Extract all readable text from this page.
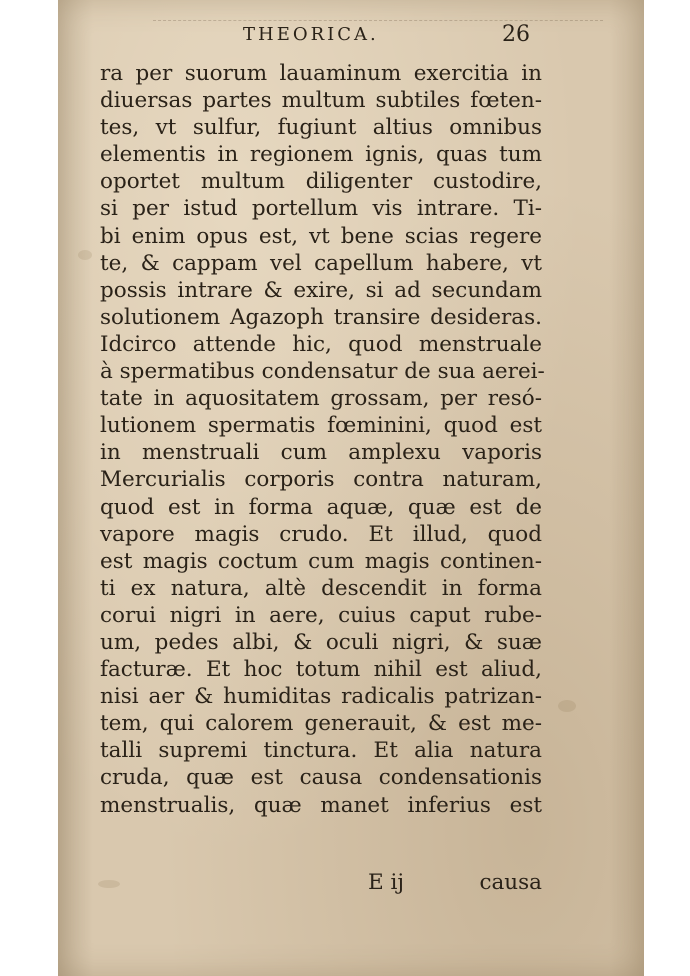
THEORICA.	26
ra per suorum lauaminum exercitia in
diuersas partes multum subtiles fœten-
tes, vt sulfur, fugiunt altius omnibus
elementis in regionem ignis, quas tum
oportet multum diligenter custodire,
si per istud portellum vis intrare. Ti-
bi enim opus est, vt bene scias regere
te, & cappam vel capellum habere, vt
possis intrare & exire, si ad secundam
solutionem Agazoph transire desideras.
Idcirco attende hic, quod menstruale
à spermatibus condensatur de sua aerei-
tate in aquositatem grossam, per resó-
lutionem spermatis fœminini, quod est
in menstruali cum amplexu vaporis
Mercurialis corporis contra naturam,
quod est in forma aquæ, quæ est de
vapore magis crudo. Et illud, quod
est magis coctum cum magis continen-
ti ex natura, altè descendit in forma
corui nigri in aere, cuius caput rube-
um, pedes albi, & oculi nigri, & suæ
facturæ. Et hoc totum nihil est aliud,
nisi aer & humiditas radicalis patrizan-
tem, qui calorem generauit, & est me-
talli supremi tinctura. Et alia natura
cruda, quæ est causa condensationis
menstrualis, quæ manet inferius est
E ij	causa
